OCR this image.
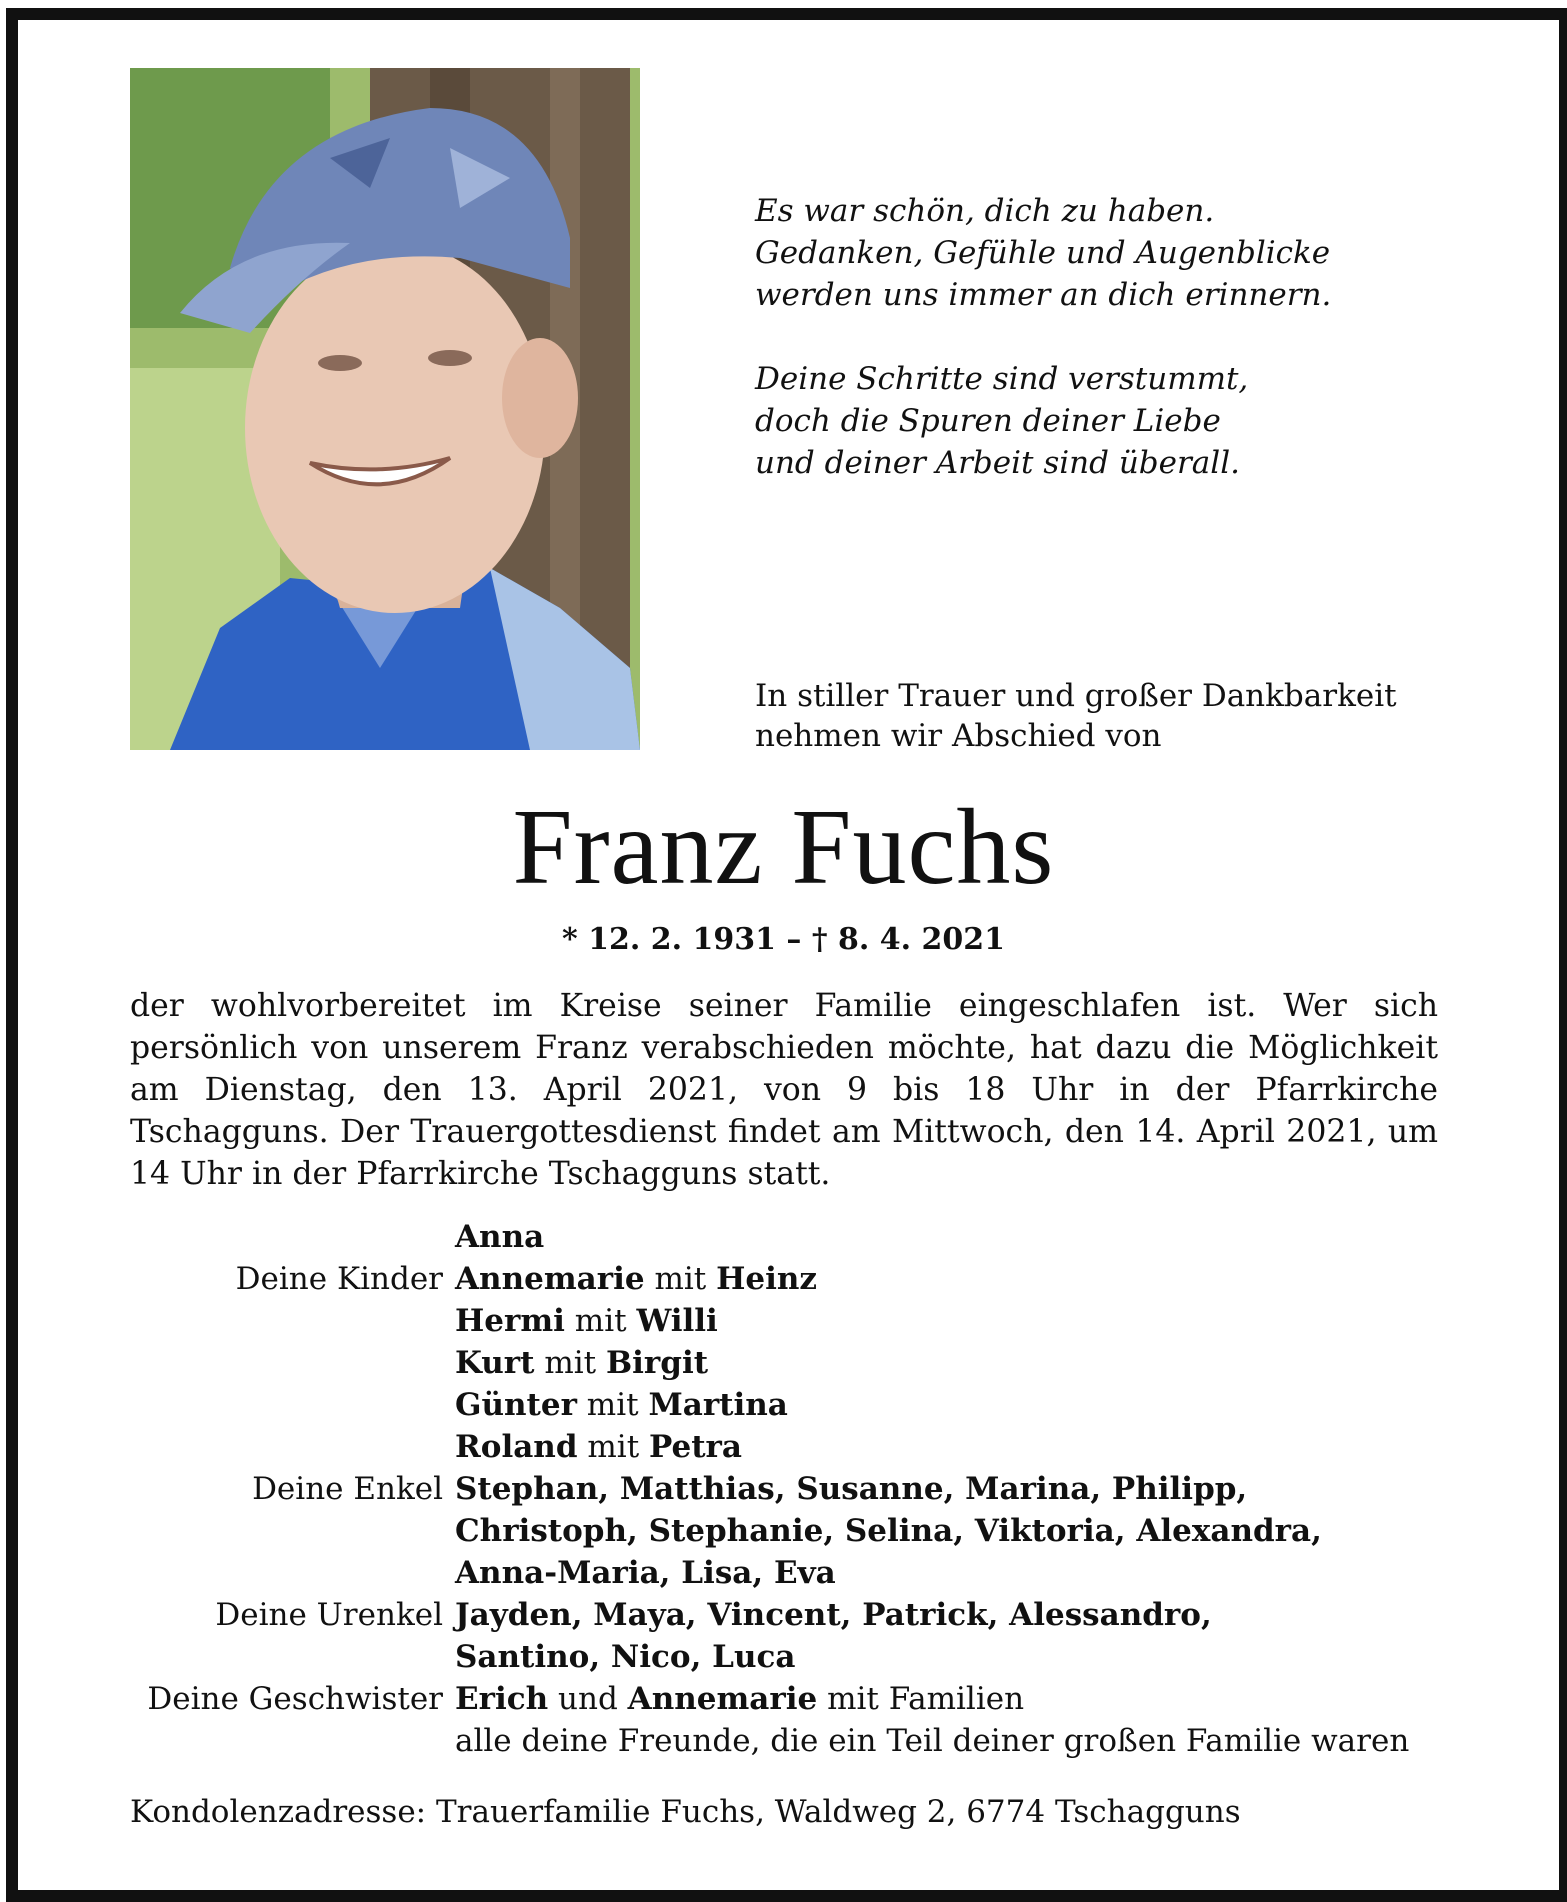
Es war schön, dich zu haben.
Gedanken, Gefühle und Augenblicke
werden uns immer an dich erinnern.

Deine Schritte sind verstummt,
doch die Spuren deiner Liebe
und deiner Arbeit sind überall.

In stiller Trauer und großer Dankbarkeit
nehmen wir Abschied von
Franz Fuchs
* 12. 2. 1931 – † 8. 4. 2021
der wohlvorbereitet im Kreise seiner Familie eingeschlafen ist. Wer sich persönlich von unserem Franz verabschieden möchte, hat dazu die Möglichkeit am Dienstag, den 13. April 2021, von 9 bis 18 Uhr in der Pfarrkirche Tschagguns. Der Trauergottesdienst findet am Mittwoch, den 14. April 2021, um 14 Uhr in der Pfarrkirche Tschagguns statt.

Deine Kinder
Anna
Annemarie mit Heinz
Hermi mit Willi
Kurt mit Birgit
Günter mit Martina
Roland mit Petra
Deine Enkel Stephan, Matthias, Susanne, Marina, Philipp,
Christoph, Stephanie, Selina, Viktoria, Alexandra,
Anna-Maria, Lisa, Eva
Deine Urenkel Jayden, Maya, Vincent, Patrick, Alessandro,
Santino, Nico, Luca
Deine Geschwister Erich und Annemarie mit Familien
alle deine Freunde, die ein Teil deiner großen Familie waren
Kondolenzadresse: Trauerfamilie Fuchs, Waldweg 2, 6774 Tschagguns
